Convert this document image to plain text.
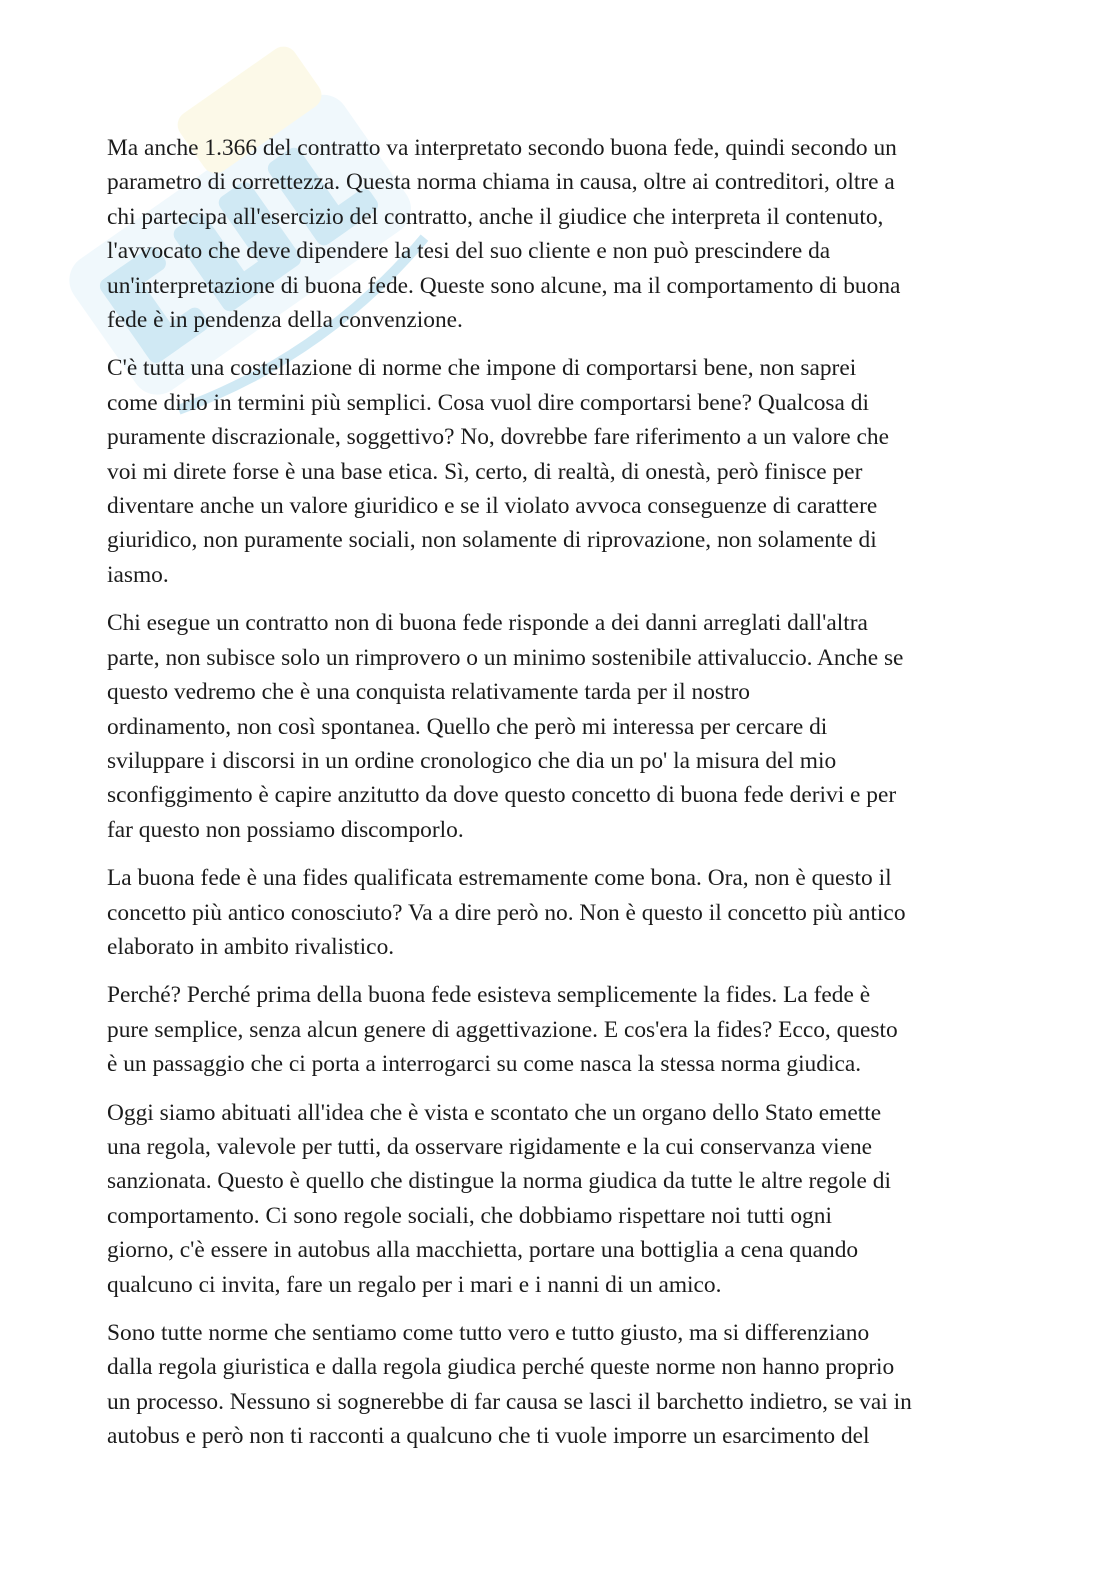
Ma anche 1.366 del contratto va interpretato secondo buona fede, quindi secondo un
parametro di correttezza. Questa norma chiama in causa, oltre ai contreditori, oltre a
chi partecipa all'esercizio del contratto, anche il giudice che interpreta il contenuto,
l'avvocato che deve dipendere la tesi del suo cliente e non può prescindere da
un'interpretazione di buona fede. Queste sono alcune, ma il comportamento di buona
fede è in pendenza della convenzione.

C'è tutta una costellazione di norme che impone di comportarsi bene, non saprei
come dirlo in termini più semplici. Cosa vuol dire comportarsi bene? Qualcosa di
puramente discrazionale, soggettivo? No, dovrebbe fare riferimento a un valore che
voi mi direte forse è una base etica. Sì, certo, di realtà, di onestà, però finisce per
diventare anche un valore giuridico e se il violato avvoca conseguenze di carattere
giuridico, non puramente sociali, non solamente di riprovazione, non solamente di
iasmo.

Chi esegue un contratto non di buona fede risponde a dei danni arreglati dall'altra
parte, non subisce solo un rimprovero o un minimo sostenibile attivaluccio. Anche se
questo vedremo che è una conquista relativamente tarda per il nostro
ordinamento, non così spontanea. Quello che però mi interessa per cercare di
sviluppare i discorsi in un ordine cronologico che dia un po' la misura del mio
sconfiggimento è capire anzitutto da dove questo concetto di buona fede derivi e per
far questo non possiamo discomporlo.

La buona fede è una fides qualificata estremamente come bona. Ora, non è questo il
concetto più antico conosciuto? Va a dire però no. Non è questo il concetto più antico
elaborato in ambito rivalistico.

Perché? Perché prima della buona fede esisteva semplicemente la fides. La fede è
pure semplice, senza alcun genere di aggettivazione. E cos'era la fides? Ecco, questo
è un passaggio che ci porta a interrogarci su come nasca la stessa norma giudica.

Oggi siamo abituati all'idea che è vista e scontato che un organo dello Stato emette
una regola, valevole per tutti, da osservare rigidamente e la cui conservanza viene
sanzionata. Questo è quello che distingue la norma giudica da tutte le altre regole di
comportamento. Ci sono regole sociali, che dobbiamo rispettare noi tutti ogni
giorno, c'è essere in autobus alla macchietta, portare una bottiglia a cena quando
qualcuno ci invita, fare un regalo per i mari e i nanni di un amico.

Sono tutte norme che sentiamo come tutto vero e tutto giusto, ma si differenziano
dalla regola giuristica e dalla regola giudica perché queste norme non hanno proprio
un processo. Nessuno si sognerebbe di far causa se lasci il barchetto indietro, se vai in
autobus e però non ti racconti a qualcuno che ti vuole imporre un esarcimento del
